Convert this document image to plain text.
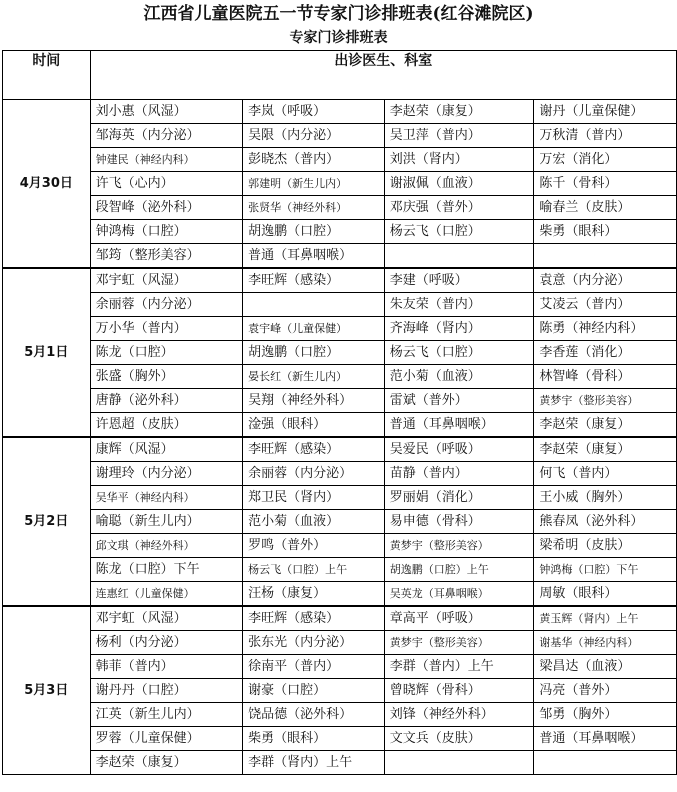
江西省儿童医院五一节专家门诊排班表(红谷滩院区)
专家门诊排班表
时间	出诊医生、科室			
4月30日	刘小惠（风湿）	李岚（呼吸）	李赵荣（康复）	谢丹（儿童保健）
	邹海英（内分泌）	吴限（内分泌）	吴卫萍（普内）	万秋清（普内）
	钟建民（神经内科）	彭晓杰（普内）	刘洪（肾内）	万宏（消化）
	许飞（心内）	郭建明（新生儿内）	谢淑佩（血液）	陈千（骨科）
	段智峰（泌外科）	张贤华（神经外科）	邓庆强（普外）	喻春兰（皮肤）
	钟鸿梅（口腔）	胡逸鹏（口腔）	杨云飞（口腔）	柴勇（眼科）
	邹筠（整形美容）	普通（耳鼻咽喉）		
5月1日	邓宇虹（风湿）	李旺辉（感染）	李建（呼吸）	袁意（内分泌）
	余丽蓉（内分泌）		朱友荣（普内）	艾凌云（普内）
	万小华（普内）	袁宇峰（儿童保健）	齐海峰（肾内）	陈勇（神经内科）
	陈龙（口腔）	胡逸鹏（口腔）	杨云飞（口腔）	李香莲（消化）
	张盛（胸外）	晏长红（新生儿内）	范小菊（血液）	林智峰（骨科）
	唐静（泌外科）	吴翔（神经外科）	雷斌（普外）	黄梦宇（整形美容）
	许恩超（皮肤）	淦强（眼科）	普通（耳鼻咽喉）	李赵荣（康复）
5月2日	康辉（风湿）	李旺辉（感染）	吴爱民（呼吸）	李赵荣（康复）
	谢理玲（内分泌）	余丽蓉（内分泌）	苗静（普内）	何飞（普内）
	吴华平（神经内科）	郑卫民（肾内）	罗丽娟（消化）	王小威（胸外）
	喻聪（新生儿内）	范小菊（血液）	易申德（骨科）	熊春凤（泌外科）
	邱文琪（神经外科）	罗鸣（普外）	黄梦宇（整形美容）	梁希明（皮肤）
	陈龙（口腔）下午	杨云飞（口腔）上午	胡逸鹏（口腔）上午	钟鸿梅（口腔）下午
	连惠红（儿童保健）	汪杨（康复）	吴英龙（耳鼻咽喉）	周敏（眼科）
5月3日	邓宇虹（风湿）	李旺辉（感染）	章高平（呼吸）	黄玉辉（肾内）上午
	杨利（内分泌）	张东光（内分泌）	黄梦宇（整形美容）	谢基华（神经内科）
	韩菲（普内）	徐南平（普内）	李群（普内）上午	梁昌达（血液）
	谢丹丹（口腔）	谢豪（口腔）	曾晓辉（骨科）	冯亮（普外）
	江英（新生儿内）	饶品德（泌外科）	刘锋（神经外科）	邹勇（胸外）
	罗蓉（儿童保健）	柴勇（眼科）	文文兵（皮肤）	普通（耳鼻咽喉）
	李赵荣（康复）	李群（肾内）上午		
